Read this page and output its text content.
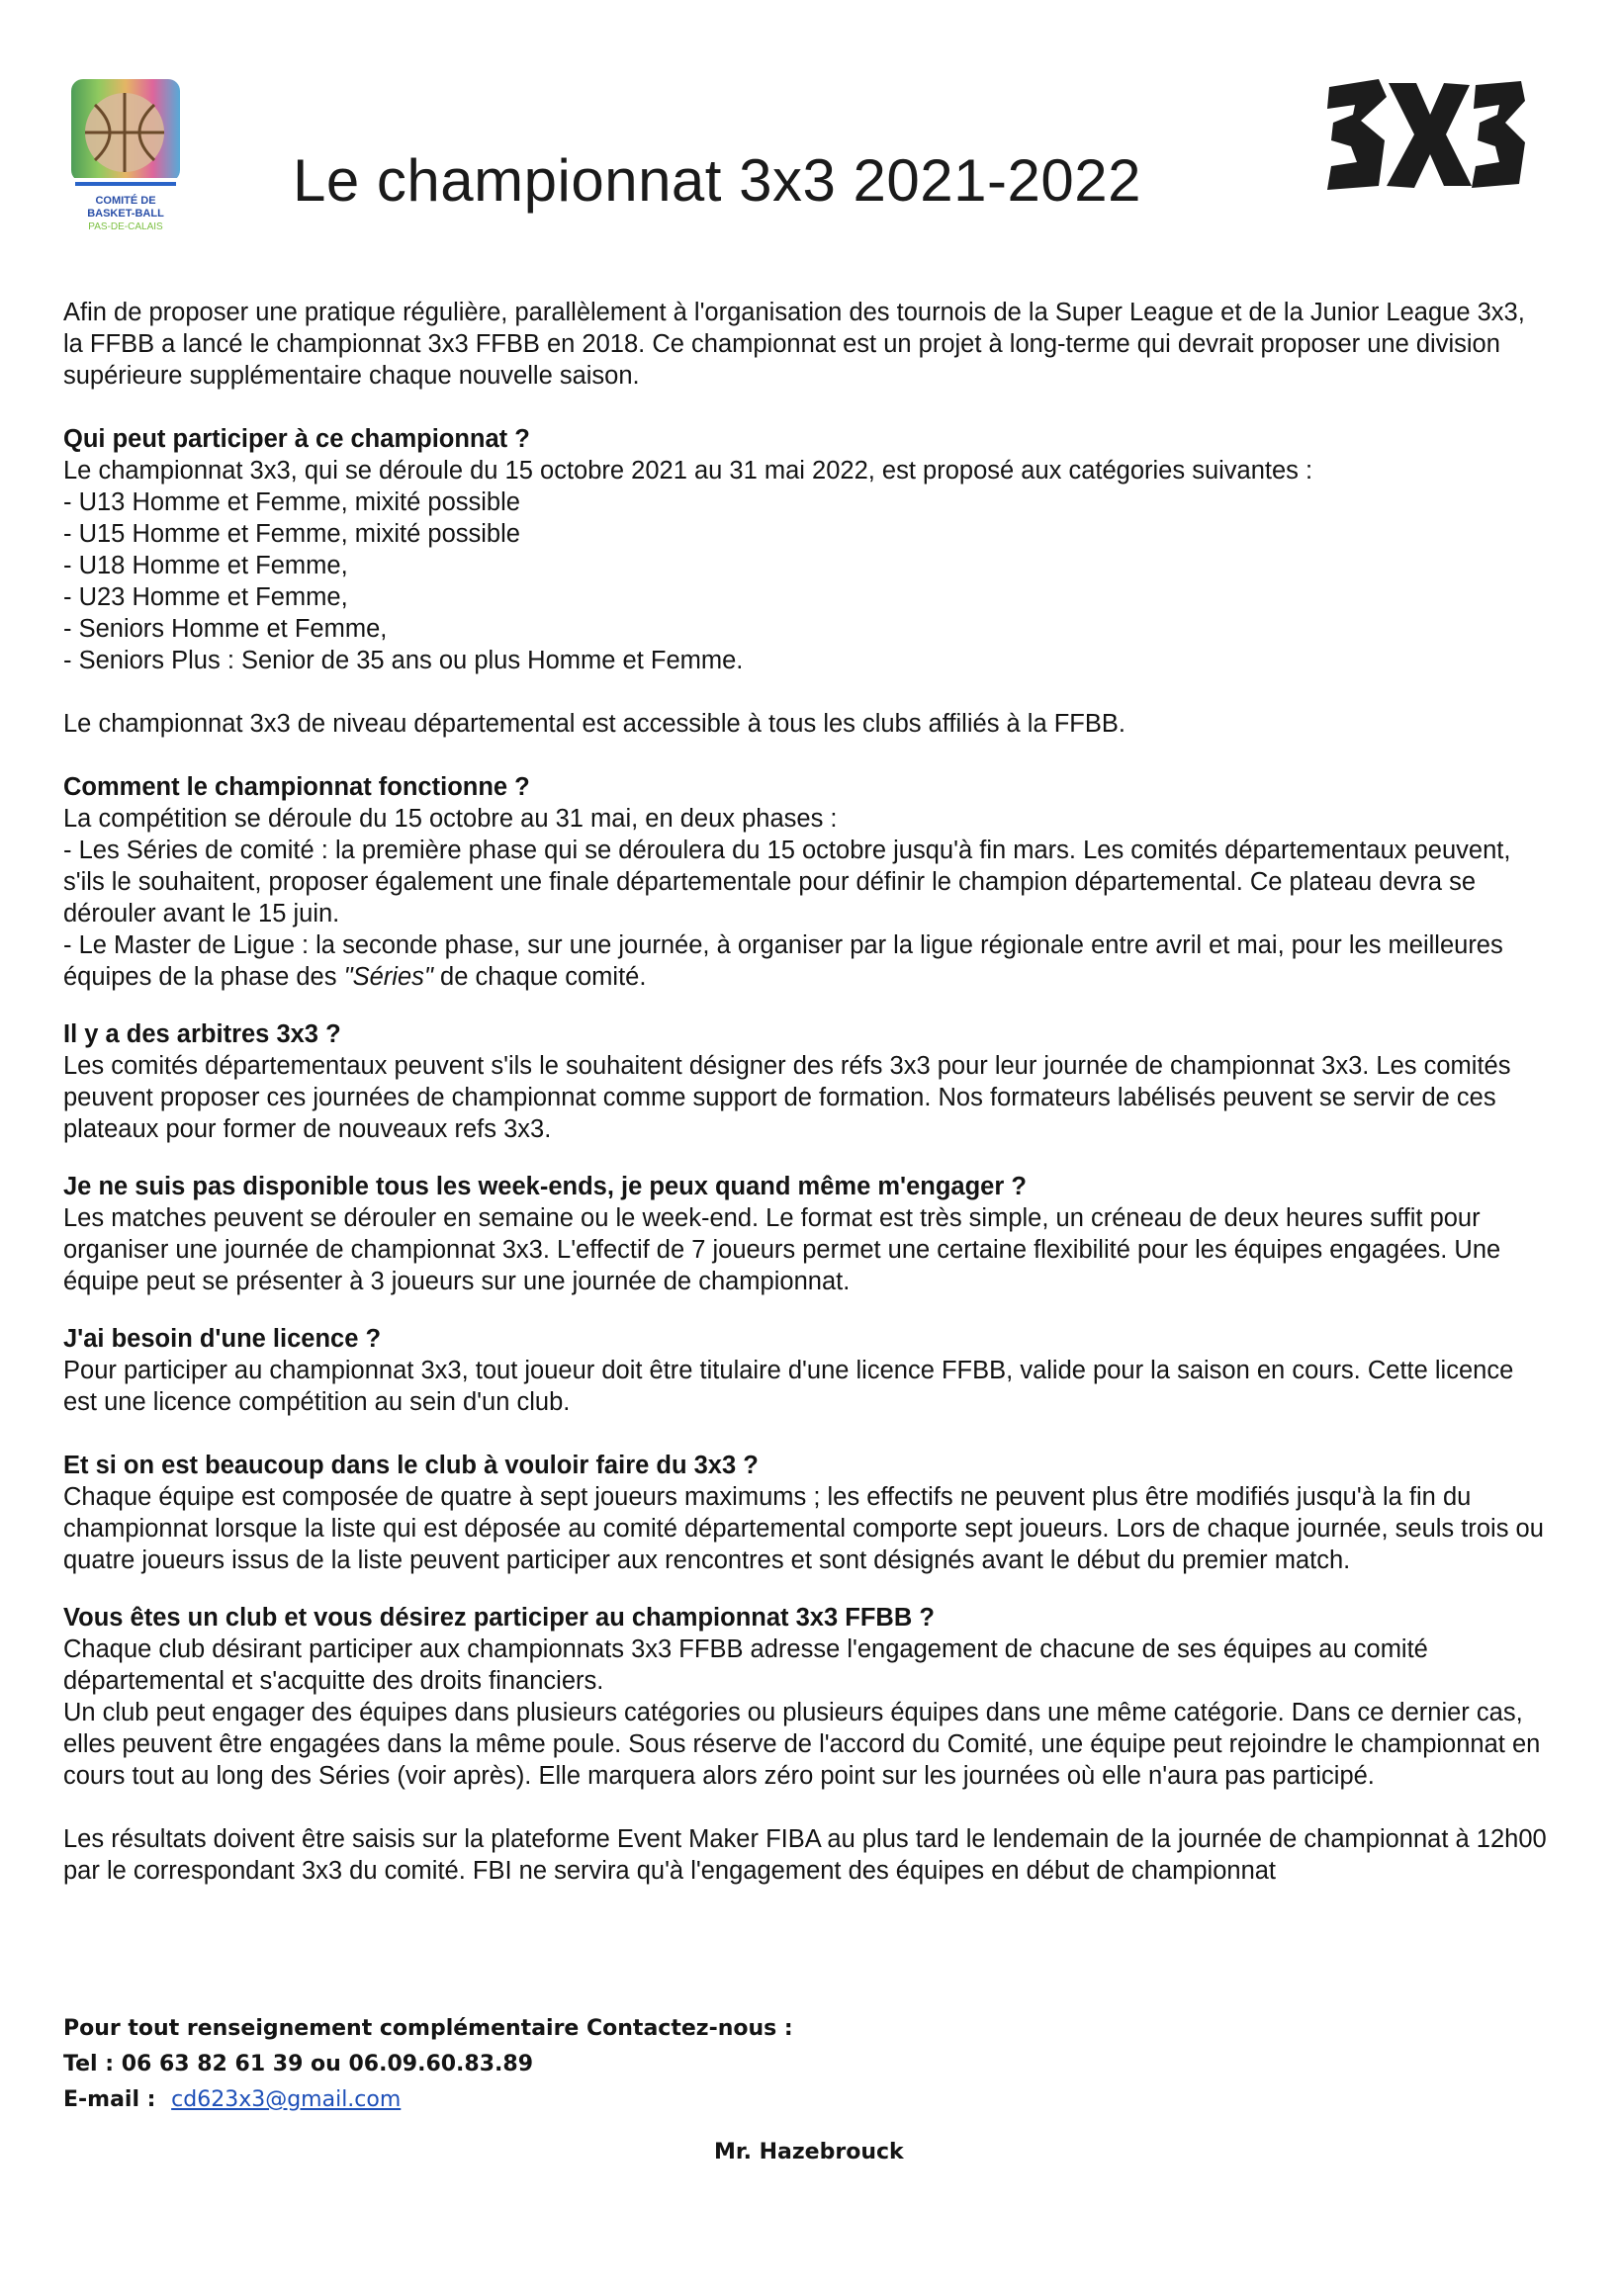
COMITÉ DE
BASKET-BALL
PAS-DE-CALAIS
Le championnat 3x3 2021-2022

Afin de proposer une pratique régulière, parallèlement à l'organisation des tournois de la Super League et de la Junior League 3x3, la FFBB a lancé le championnat 3x3 FFBB en 2018. Ce championnat est un projet à long-terme qui devrait proposer une division supérieure supplémentaire chaque nouvelle saison.

Qui peut participer à ce championnat ?

Le championnat 3x3, qui se déroule du 15 octobre 2021 au 31 mai 2022, est proposé aux catégories suivantes :

- U13 Homme et Femme, mixité possible
- U15 Homme et Femme, mixité possible
- U18 Homme et Femme,
- U23 Homme et Femme,
- Seniors Homme et Femme,
- Seniors Plus : Senior de 35 ans ou plus Homme et Femme.

Le championnat 3x3 de niveau départemental est accessible à tous les clubs affiliés à la FFBB.

Comment le championnat fonctionne ?

La compétition se déroule du 15 octobre au 31 mai, en deux phases :

- Les Séries de comité : la première phase qui se déroulera du 15 octobre jusqu'à fin mars. Les comités départementaux peuvent, s'ils le souhaitent, proposer également une finale départementale pour définir le champion départemental. Ce plateau devra se dérouler avant le 15 juin.
- Le Master de Ligue : la seconde phase, sur une journée, à organiser par la ligue régionale entre avril et mai, pour les meilleures équipes de la phase des "Séries" de chaque comité.

Il y a des arbitres 3x3 ?

Les comités départementaux peuvent s'ils le souhaitent désigner des réfs 3x3 pour leur journée de championnat 3x3. Les comités peuvent proposer ces journées de championnat comme support de formation. Nos formateurs labélisés peuvent se servir de ces plateaux pour former de nouveaux refs 3x3.

Je ne suis pas disponible tous les week-ends, je peux quand même m'engager ?

Les matches peuvent se dérouler en semaine ou le week-end. Le format est très simple, un créneau de deux heures suffit pour organiser une journée de championnat 3x3. L'effectif de 7 joueurs permet une certaine flexibilité pour les équipes engagées. Une équipe peut se présenter à 3 joueurs sur une journée de championnat.

J'ai besoin d'une licence ?

Pour participer au championnat 3x3, tout joueur doit être titulaire d'une licence FFBB, valide pour la saison en cours. Cette licence est une licence compétition au sein d'un club.

Et si on est beaucoup dans le club à vouloir faire du 3x3 ?

Chaque équipe est composée de quatre à sept joueurs maximums ; les effectifs ne peuvent plus être modifiés jusqu'à la fin du championnat lorsque la liste qui est déposée au comité départemental comporte sept joueurs. Lors de chaque journée, seuls trois ou quatre joueurs issus de la liste peuvent participer aux rencontres et sont désignés avant le début du premier match.

Vous êtes un club et vous désirez participer au championnat 3x3 FFBB ?

Chaque club désirant participer aux championnats 3x3 FFBB adresse l'engagement de chacune de ses équipes au comité départemental et s'acquitte des droits financiers.

Un club peut engager des équipes dans plusieurs catégories ou plusieurs équipes dans une même catégorie. Dans ce dernier cas, elles peuvent être engagées dans la même poule. Sous réserve de l'accord du Comité, une équipe peut rejoindre le championnat en cours tout au long des Séries (voir après). Elle marquera alors zéro point sur les journées où elle n'aura pas participé.

Les résultats doivent être saisis sur la plateforme Event Maker FIBA au plus tard le lendemain de la journée de championnat à 12h00 par le correspondant 3x3 du comité. FBI ne servira qu'à l'engagement des équipes en début de championnat

Pour tout renseignement complémentaire Contactez-nous :
Tel : 06 63 82 61 39 ou 06.09.60.83.89
E-mail : cd623x3@gmail.com
Mr. Hazebrouck
